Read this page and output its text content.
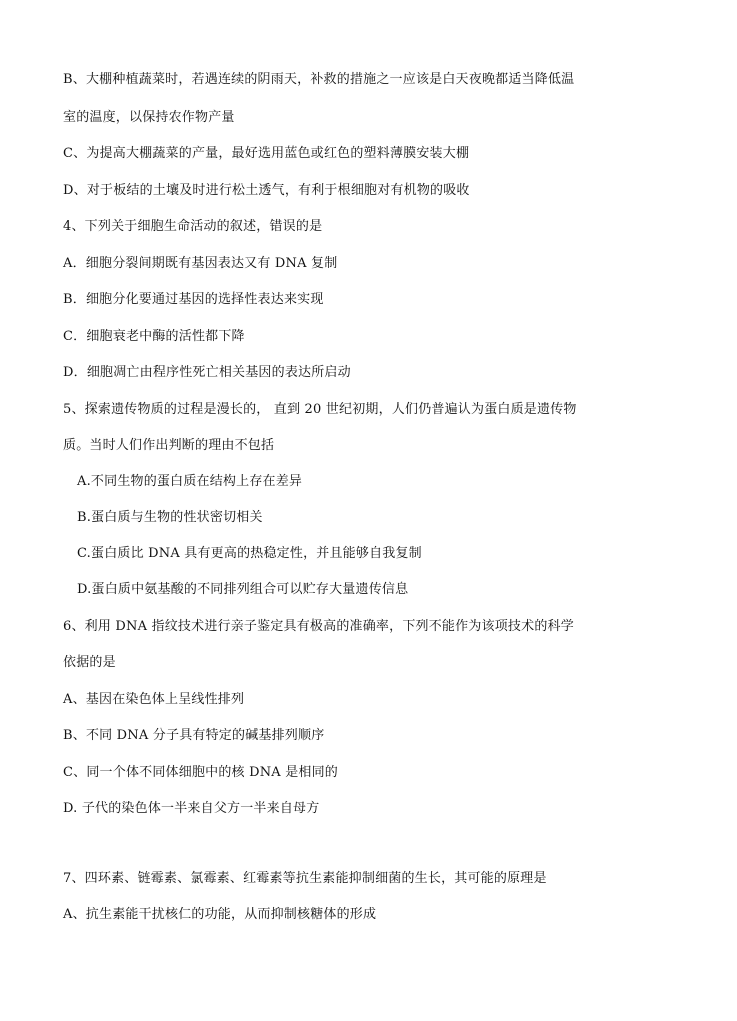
B、大棚种植蔬菜时，若遇连续的阴雨天，补救的措施之一应该是白天夜晚都适当降低温
室的温度，以保持农作物产量
C、为提高大棚蔬菜的产量，最好选用蓝色或红色的塑料薄膜安装大棚
D、对于板结的土壤及时进行松土透气，有利于根细胞对有机物的吸收
4、下列关于细胞生命活动的叙述，错误的是
A．细胞分裂间期既有基因表达又有 DNA 复制
B．细胞分化要通过基因的选择性表达来实现
C．细胞衰老中酶的活性都下降
D．细胞凋亡由程序性死亡相关基因的表达所启动
5、探索遗传物质的过程是漫长的， 直到 20 世纪初期，人们仍普遍认为蛋白质是遗传物
质。当时人们作出判断的理由不包括
A.不同生物的蛋白质在结构上存在差异
B.蛋白质与生物的性状密切相关
C.蛋白质比 DNA 具有更高的热稳定性，并且能够自我复制
D.蛋白质中氨基酸的不同排列组合可以贮存大量遗传信息
6、利用 DNA 指纹技术进行亲子鉴定具有极高的准确率，下列不能作为该项技术的科学
依据的是
A、基因在染色体上呈线性排列
B、不同 DNA 分子具有特定的碱基排列顺序
C、同一个体不同体细胞中的核 DNA 是相同的
D. 子代的染色体一半来自父方一半来自母方
7、四环素、链霉素、氯霉素、红霉素等抗生素能抑制细菌的生长，其可能的原理是
A、抗生素能干扰核仁的功能，从而抑制核糖体的形成
